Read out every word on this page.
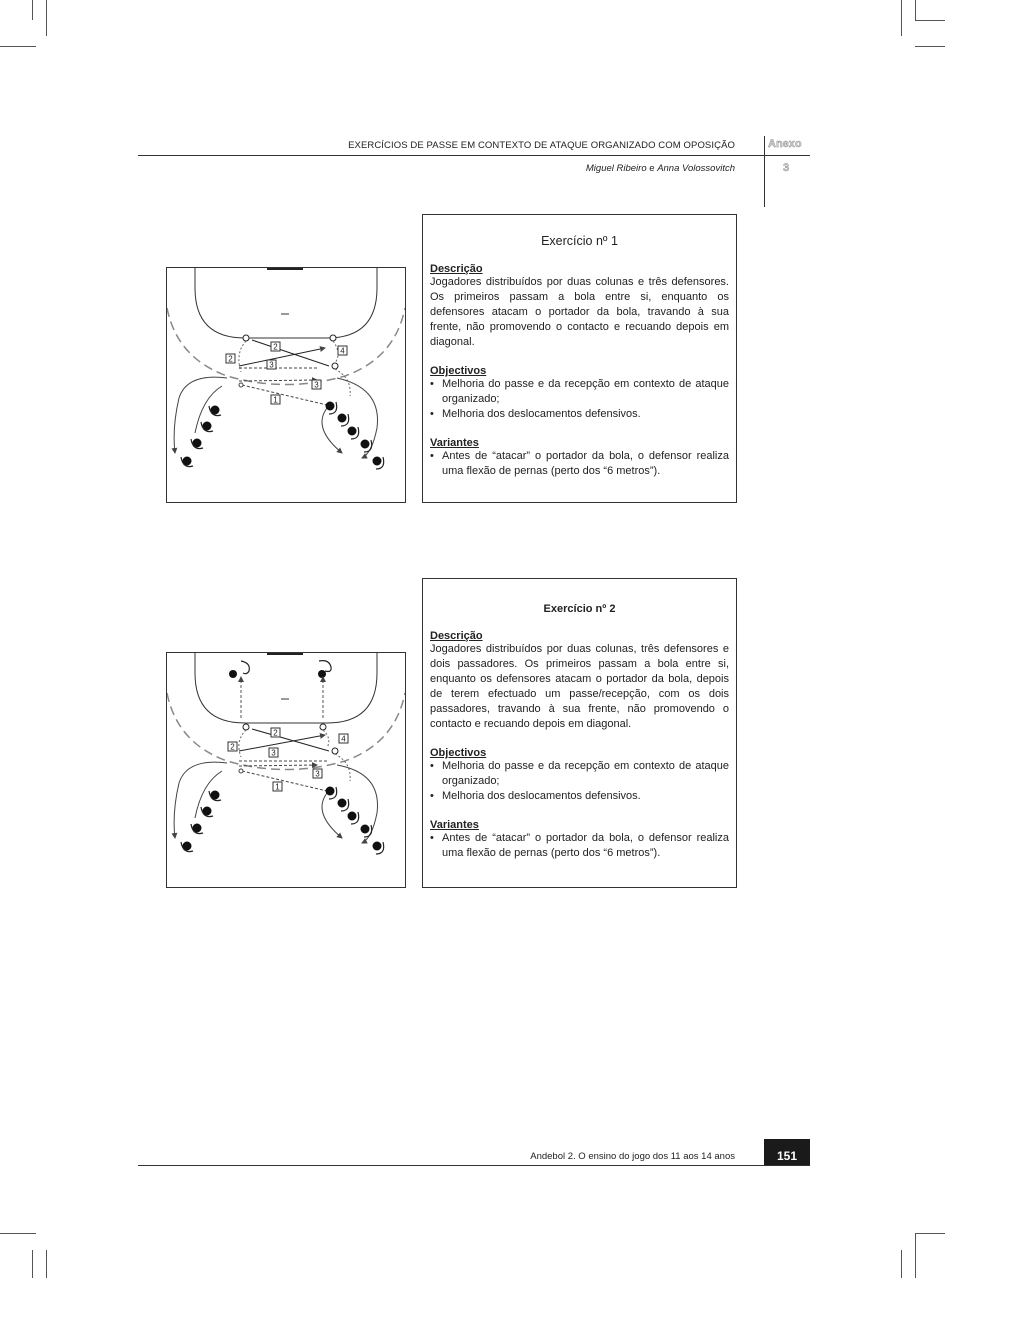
EXERCÍCIOS DE PASSE EM CONTEXTO DE ATAQUE ORGANIZADO COM OPOSIÇÃO
Miguel Ribeiro e Anna Volossovitch
Anexo
3
2
2
3
4
3
1
Exercício nº 1

Descrição

Jogadores distribuídos por duas colunas e três defensores. Os primeiros passam a bola entre si, enquanto os defensores atacam o portador da bola, travando à sua frente, não promovendo o contacto e recuando depois em diagonal.

Objectivos

• Melhoria do passe e da recepção em contexto de ataque organizado;
• Melhoria dos deslocamentos defensivos.

Variantes

• Antes de “atacar” o portador da bola, o defensor realiza uma flexão de pernas (perto dos “6 metros”).
2
2
3
4
3
1
Exercício nº 2

Descrição

Jogadores distribuídos por duas colunas, três defensores e dois passadores. Os primeiros passam a bola entre si, enquanto os defensores atacam o portador da bola, depois de terem efectuado um passe/recepção, com os dois passadores, travando à sua frente, não promovendo o contacto e recuando depois em diagonal.

Objectivos

• Melhoria do passe e da recepção em contexto de ataque organizado;
• Melhoria dos deslocamentos defensivos.

Variantes

• Antes de “atacar” o portador da bola, o defensor realiza uma flexão de pernas (perto dos “6 metros”).
Andebol 2. O ensino do jogo dos 11 aos 14 anos	151
